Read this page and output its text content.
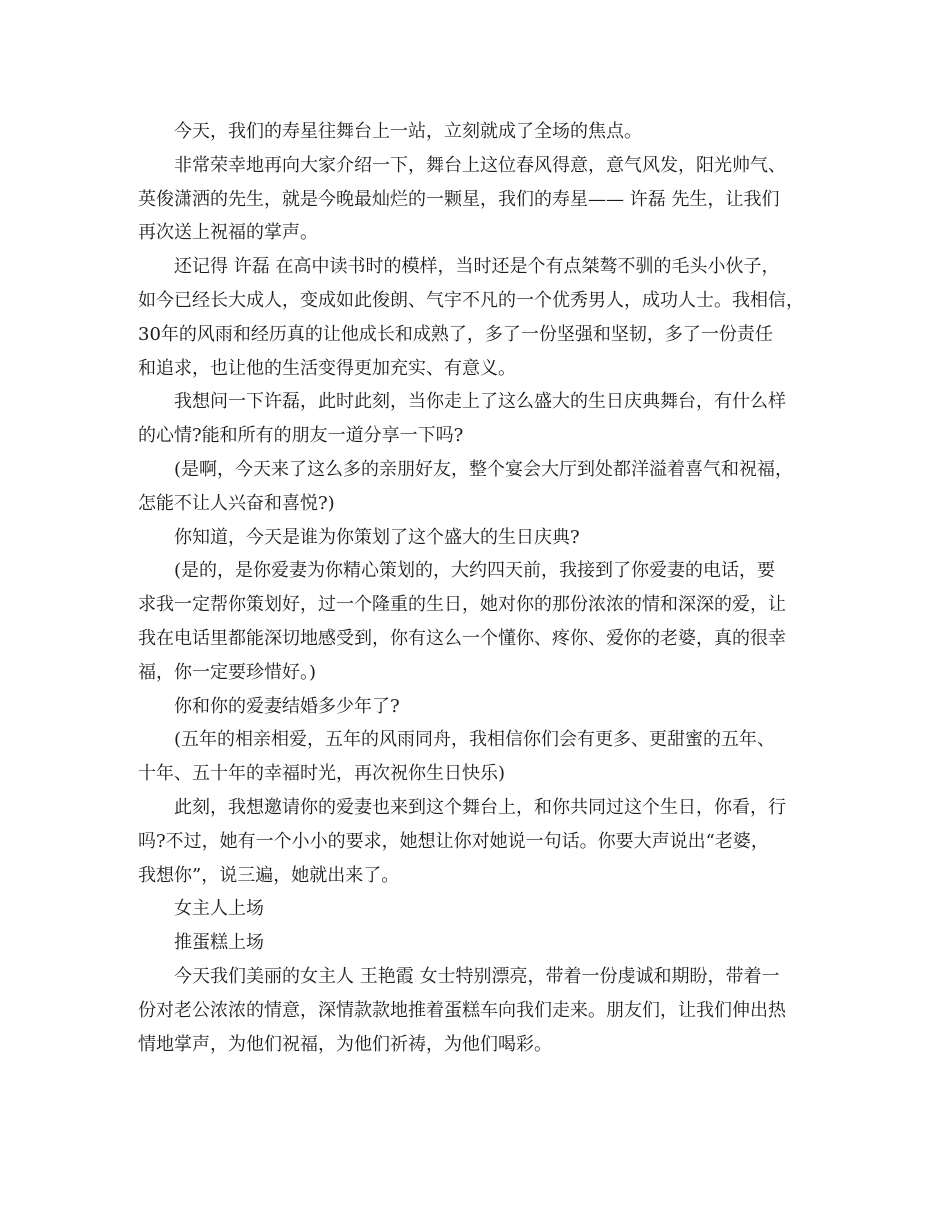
今天，我们的寿星往舞台上一站，立刻就成了全场的焦点。
非常荣幸地再向大家介绍一下，舞台上这位春风得意，意气风发，阳光帅气、
英俊潇洒的先生，就是今晚最灿烂的一颗星，我们的寿星—— 许磊 先生，让我们
再次送上祝福的掌声。
还记得 许磊 在高中读书时的模样，当时还是个有点桀骜不驯的毛头小伙子，
如今已经长大成人，变成如此俊朗、气宇不凡的一个优秀男人，成功人士。我相信，
30年的风雨和经历真的让他成长和成熟了，多了一份坚强和坚韧，多了一份责任
和追求，也让他的生活变得更加充实、有意义。
我想问一下许磊，此时此刻，当你走上了这么盛大的生日庆典舞台，有什么样
的心情?能和所有的朋友一道分享一下吗?
(是啊，今天来了这么多的亲朋好友，整个宴会大厅到处都洋溢着喜气和祝福，
怎能不让人兴奋和喜悦?)
你知道，今天是谁为你策划了这个盛大的生日庆典?
(是的，是你爱妻为你精心策划的，大约四天前，我接到了你爱妻的电话，要
求我一定帮你策划好，过一个隆重的生日，她对你的那份浓浓的情和深深的爱，让
我在电话里都能深切地感受到，你有这么一个懂你、疼你、爱你的老婆，真的很幸
福，你一定要珍惜好。)
你和你的爱妻结婚多少年了?
(五年的相亲相爱，五年的风雨同舟，我相信你们会有更多、更甜蜜的五年、
十年、五十年的幸福时光，再次祝你生日快乐)
此刻，我想邀请你的爱妻也来到这个舞台上，和你共同过这个生日，你看，行
吗?不过，她有一个小小的要求，她想让你对她说一句话。你要大声说出“老婆，
我想你”，说三遍，她就出来了。
女主人上场
推蛋糕上场
今天我们美丽的女主人 王艳霞 女士特别漂亮，带着一份虔诚和期盼，带着一
份对老公浓浓的情意，深情款款地推着蛋糕车向我们走来。朋友们，让我们伸出热
情地掌声，为他们祝福，为他们祈祷，为他们喝彩。
